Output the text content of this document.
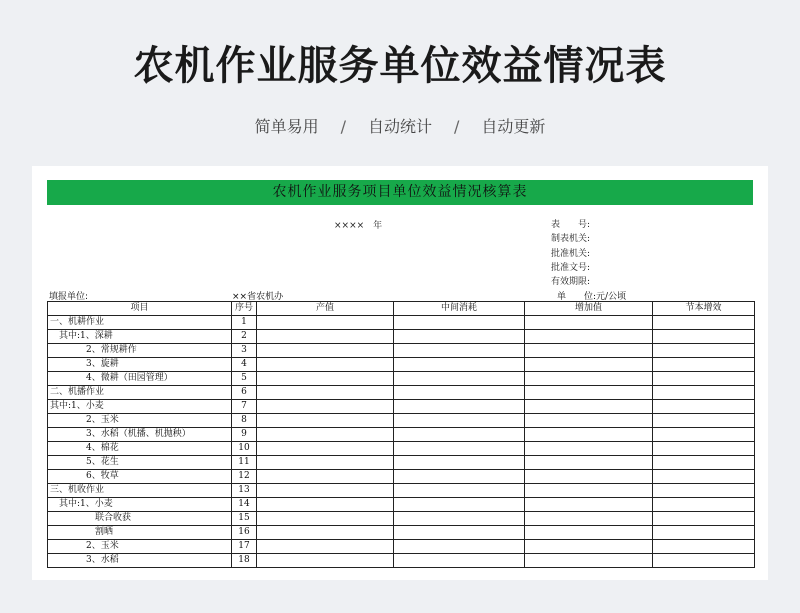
农机作业服务单位效益情况表
简单易用 / 自动统计 / 自动更新
农机作业服务项目单位效益情况核算表
××××　年	表　　号:
制表机关:
批准机关:
批准文号:
有效期限:
填报单位:	××省农机办	单　　位:元/公顷
项目	序号	产值	中间消耗	增加值	节本增效
一、机耕作业	1				
　其中:1、深耕	2				
　　　　2、常规耕作	3				
　　　　3、旋耕	4				
　　　　4、微耕（田园管理）	5				
二、机播作业	6				
其中:1、小麦	7				
　　　　2、玉米	8				
　　　　3、水稻（机播、机抛秧）	9				
　　　　4、棉花	10				
　　　　5、花生	11				
　　　　6、牧草	12				
三、机收作业	13				
　其中:1、小麦	14				
　　　　　联合收获	15				
　　　　　割晒	16				
　　　　2、玉米	17				
　　　　3、水稻	18				
